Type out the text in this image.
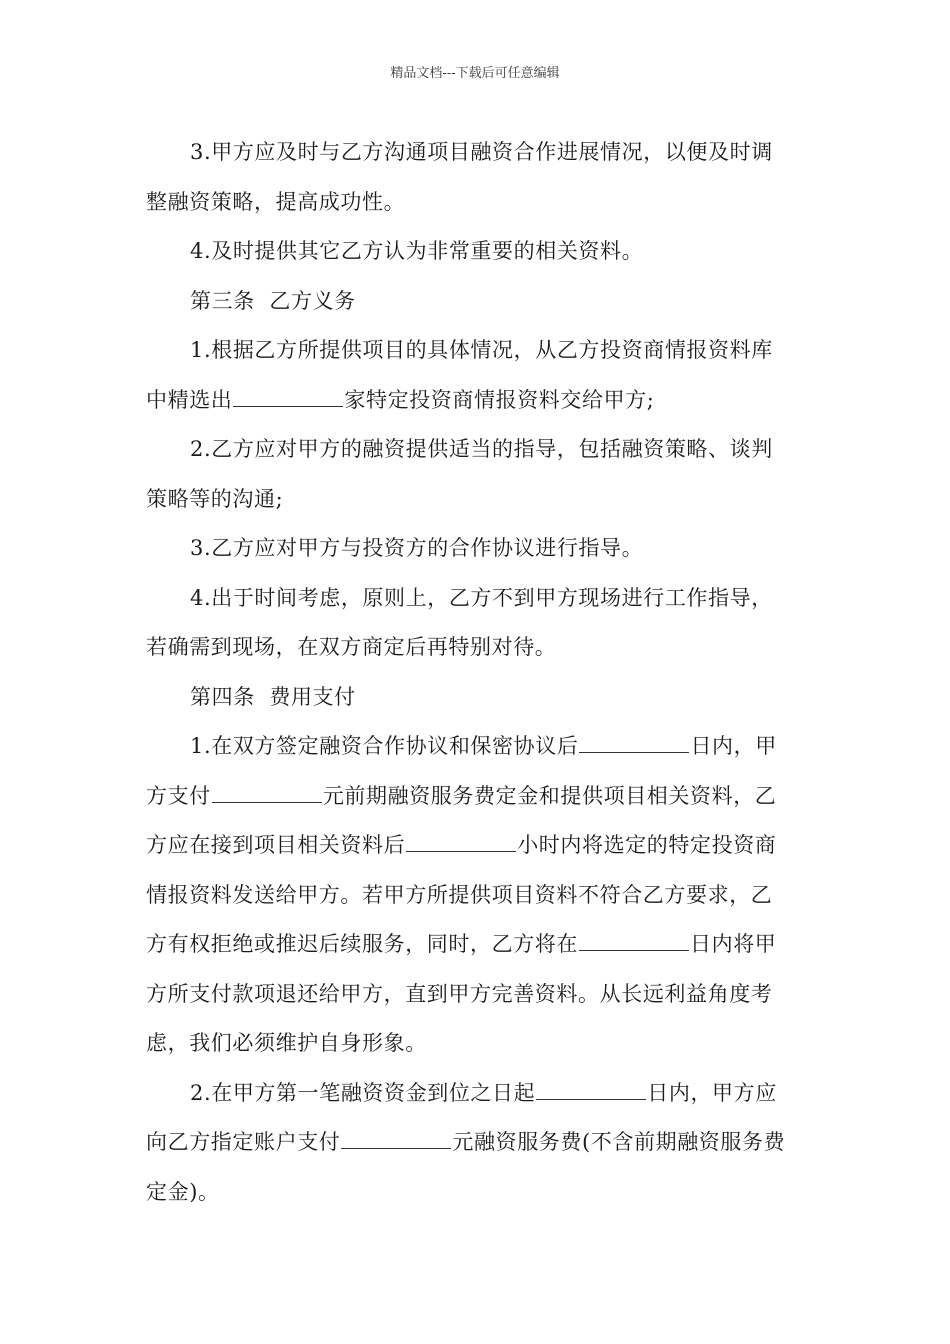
精品文档---下载后可任意编辑
3.甲方应及时与乙方沟通项目融资合作进展情况，以便及时调
整融资策略，提高成功性。
4.及时提供其它乙方认为非常重要的相关资料。
第三条  乙方义务
1.根据乙方所提供项目的具体情况，从乙方投资商情报资料库
中精选出	家特定投资商情报资料交给甲方;
2.乙方应对甲方的融资提供适当的指导，包括融资策略、谈判
策略等的沟通;
3.乙方应对甲方与投资方的合作协议进行指导。
4.出于时间考虑，原则上，乙方不到甲方现场进行工作指导，
若确需到现场，在双方商定后再特别对待。
第四条  费用支付
1.在双方签定融资合作协议和保密协议后	日内，甲
方支付	元前期融资服务费定金和提供项目相关资料，乙
方应在接到项目相关资料后	小时内将选定的特定投资商
情报资料发送给甲方。若甲方所提供项目资料不符合乙方要求，乙
方有权拒绝或推迟后续服务，同时，乙方将在	日内将甲
方所支付款项退还给甲方，直到甲方完善资料。从长远利益角度考
虑，我们必须维护自身形象。
2.在甲方第一笔融资资金到位之日起	日内，甲方应
向乙方指定账户支付	元融资服务费(不含前期融资服务费
定金)。
